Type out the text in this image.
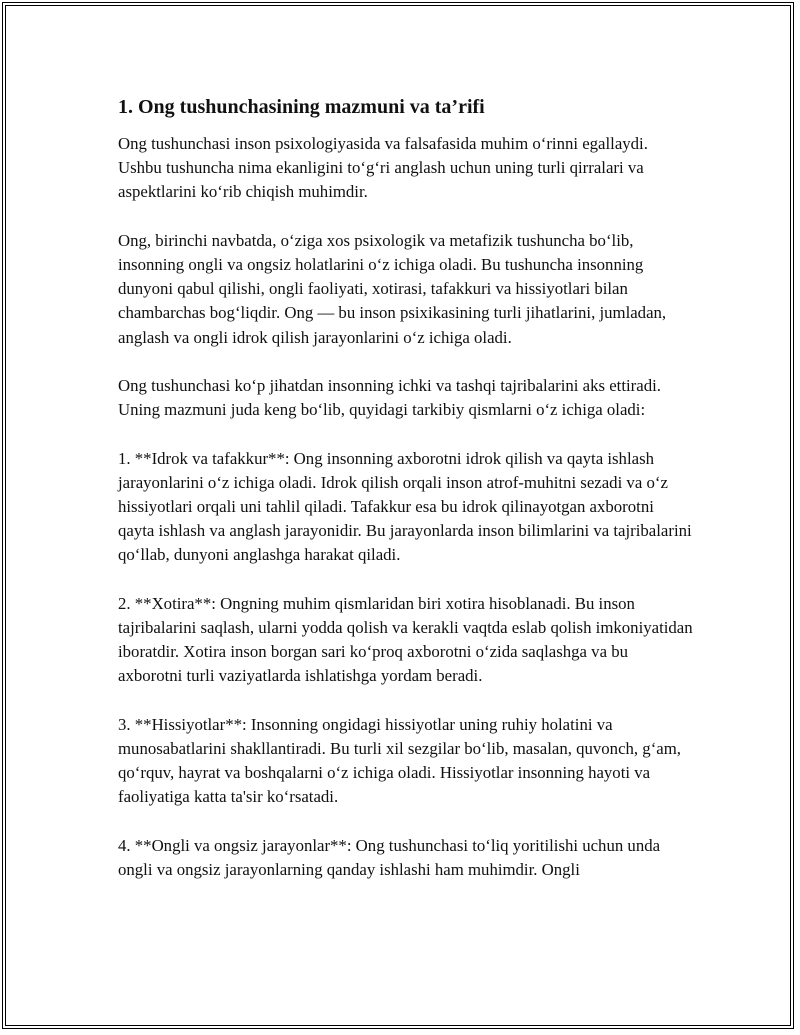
1. Ong tushunchasining mazmuni va ta’rifi

Ong tushunchasi inson psixologiyasida va falsafasida muhim o‘rinni egallaydi. Ushbu tushuncha nima ekanligini to‘g‘ri anglash uchun uning turli qirralari va aspektlarini ko‘rib chiqish muhimdir.

Ong, birinchi navbatda, o‘ziga xos psixologik va metafizik tushuncha bo‘lib, insonning ongli va ongsiz holatlarini o‘z ichiga oladi. Bu tushuncha insonning dunyoni qabul qilishi, ongli faoliyati, xotirasi, tafakkuri va hissiyotlari bilan chambarchas bog‘liqdir. Ong — bu inson psixikasining turli jihatlarini, jumladan, anglash va ongli idrok qilish jarayonlarini o‘z ichiga oladi.

Ong tushunchasi ko‘p jihatdan insonning ichki va tashqi tajribalarini aks ettiradi. Uning mazmuni juda keng bo‘lib, quyidagi tarkibiy qismlarni o‘z ichiga oladi:

1. **Idrok va tafakkur**: Ong insonning axborotni idrok qilish va qayta ishlash jarayonlarini o‘z ichiga oladi. Idrok qilish orqali inson atrof-muhitni sezadi va o‘z hissiyotlari orqali uni tahlil qiladi. Tafakkur esa bu idrok qilinayotgan axborotni qayta ishlash va anglash jarayonidir. Bu jarayonlarda inson bilimlarini va tajribalarini qo‘llab, dunyoni anglashga harakat qiladi.

2. **Xotira**: Ongning muhim qismlaridan biri xotira hisoblanadi. Bu inson tajribalarini saqlash, ularni yodda qolish va kerakli vaqtda eslab qolish imkoniyatidan iboratdir. Xotira inson borgan sari ko‘proq axborotni o‘zida saqlashga va bu axborotni turli vaziyatlarda ishlatishga yordam beradi.

3. **Hissiyotlar**: Insonning ongidagi hissiyotlar uning ruhiy holatini va munosabatlarini shakllantiradi. Bu turli xil sezgilar bo‘lib, masalan, quvonch, g‘am, qo‘rquv, hayrat va boshqalarni o‘z ichiga oladi. Hissiyotlar insonning hayoti va faoliyatiga katta ta'sir ko‘rsatadi.

4. **Ongli va ongsiz jarayonlar**: Ong tushunchasi to‘liq yoritilishi uchun unda ongli va ongsiz jarayonlarning qanday ishlashi ham muhimdir. Ongli
